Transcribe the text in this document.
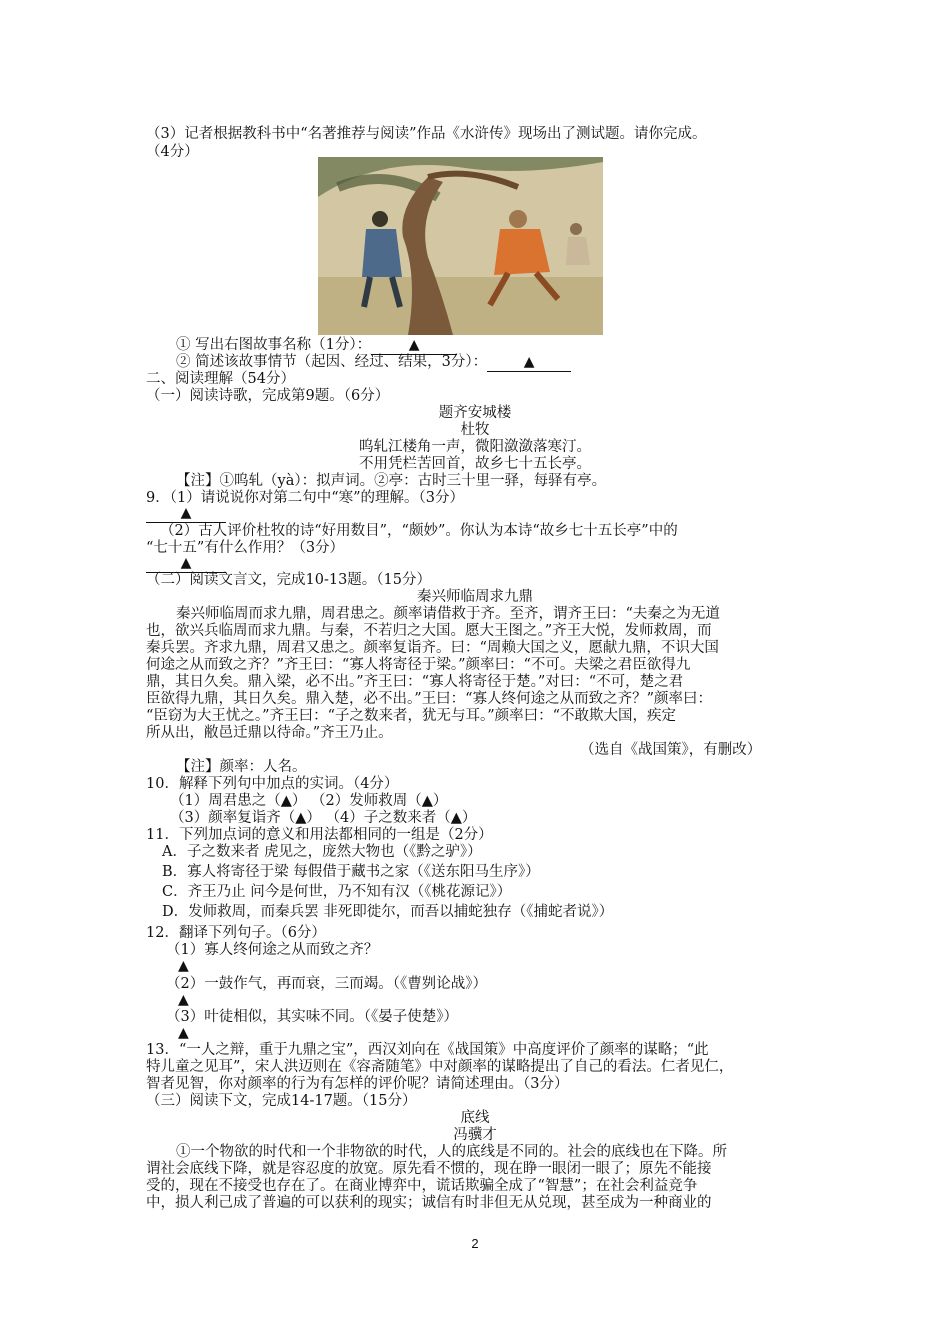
（3）记者根据教科书中“名著推荐与阅读”作品《水浒传》现场出了测试题。请你完成。
（4分）
① 写出右图故事名称（1分）：	▲
② 简述该故事情节（起因、经过、结果，3分）：	▲
二、阅读理解（54分）
（一）阅读诗歌，完成第9题。（6分）
题齐安城楼
杜牧
呜轧江楼角一声，微阳潋潋落寒汀。
不用凭栏苦回首，故乡七十五长亭。
【注】①呜轧（yà）：拟声词。②亭：古时三十里一驿，每驿有亭。
9．（1）请说说你对第二句中“寒”的理解。（3分）
▲
（2）古人评价杜牧的诗“好用数目”，“颇妙”。你认为本诗“故乡七十五长亭”中的
“七十五”有什么作用？（3分）
▲
（二）阅读文言文，完成10-13题。（15分）
秦兴师临周求九鼎
秦兴师临周而求九鼎，周君患之。颜率请借救于齐。至齐，谓齐王曰：“夫秦之为无道
也，欲兴兵临周而求九鼎。与秦，不若归之大国。愿大王图之。”齐王大悦，发师救周，而
秦兵罢。齐求九鼎，周君又患之。颜率复诣齐。曰：“周赖大国之义，愿献九鼎，不识大国
何途之从而致之齐？”齐王曰：“寡人将寄径于梁。”颜率曰：“不可。夫梁之君臣欲得九
鼎，其日久矣。鼎入梁，必不出。”齐王曰：“寡人将寄径于楚。”对曰：“不可，楚之君
臣欲得九鼎，其日久矣。鼎入楚，必不出。”王曰：“寡人终何途之从而致之齐？”颜率曰：
“臣窃为大王忧之。”齐王曰：“子之数来者，犹无与耳。”颜率曰：“不敢欺大国，疾定
所从出，敝邑迁鼎以待命。”齐王乃止。
（选自《战国策》，有删改）
【注】颜率：人名。
10．解释下列句中加点的实词。（4分）
（1）周君患之（▲） （2）发师救周（▲）
（3）颜率复诣齐（▲） （4）子之数来者（▲）
11．下列加点词的意义和用法都相同的一组是（2分）
A．子之数来者 虎见之，庞然大物也（《黔之驴》）
B．寡人将寄径于梁 每假借于藏书之家（《送东阳马生序》）
C．齐王乃止 问今是何世，乃不知有汉（《桃花源记》）
D．发师救周，而秦兵罢 非死即徙尔，而吾以捕蛇独存（《捕蛇者说》）
12．翻译下列句子。（6分）
（1）寡人终何途之从而致之齐？
▲
（2）一鼓作气，再而衰，三而竭。（《曹刿论战》）
▲
（3）叶徒相似，其实味不同。（《晏子使楚》）
▲
13．“一人之辩，重于九鼎之宝”，西汉刘向在《战国策》中高度评价了颜率的谋略；“此
特儿童之见耳”，宋人洪迈则在《容斋随笔》中对颜率的谋略提出了自己的看法。仁者见仁，
智者见智，你对颜率的行为有怎样的评价呢？请简述理由。（3分）
（三）阅读下文，完成14-17题。（15分）
底线
冯骥才
①一个物欲的时代和一个非物欲的时代，人的底线是不同的。社会的底线也在下降。所
谓社会底线下降，就是容忍度的放宽。原先看不惯的，现在睁一眼闭一眼了；原先不能接
受的，现在不接受也存在了。在商业博弈中，谎话欺骗全成了“智慧”；在社会利益竞争
中，损人利己成了普遍的可以获利的现实；诚信有时非但无从兑现，甚至成为一种商业的
2
